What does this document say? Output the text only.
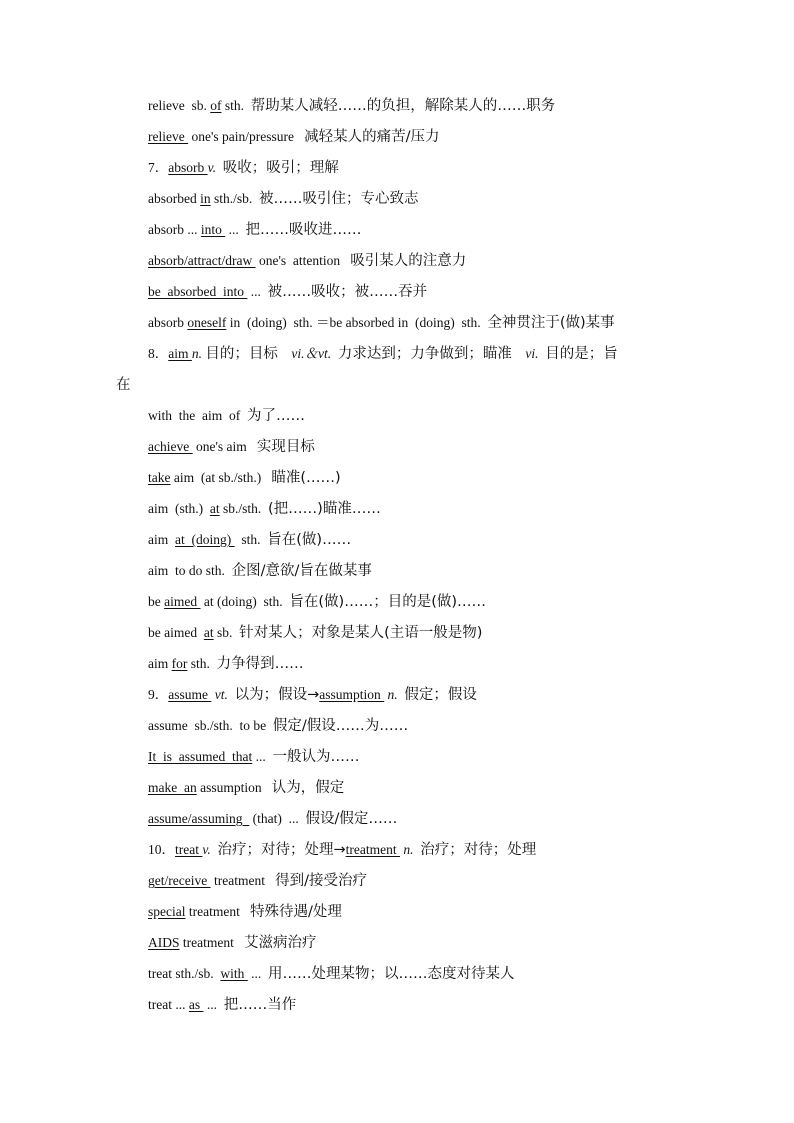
relieve  sb. of sth.  帮助某人减轻……的负担，解除某人的……职务
relieve  one's pain/pressure   减轻某人的痛苦/压力
7．absorb v. 吸收；吸引；理解
absorbed in sth./sb.  被……吸引住；专心致志
absorb ... into  ...  把……吸收进……
absorb/attract/draw  one's  attention   吸引某人的注意力
be  absorbed  into  ...  被……吸收；被……吞并
absorb oneself in  (doing)  sth. ＝be absorbed in  (doing)  sth.  全神贯注于(做)某事
8．aim n. 目的；目标 vi.＆vt. 力求达到；力争做到；瞄准 vi. 目的是；旨
在
with  the  aim  of  为了……
achieve  one's aim   实现目标
take aim  (at sb./sth.)   瞄准(……)
aim  (sth.)  at sb./sth.  (把……)瞄准……
aim  at  (doing)   sth.  旨在(做)……
aim  to do sth.  企图/意欲/旨在做某事
be aimed  at (doing)  sth.  旨在(做)……；目的是(做)……
be aimed  at sb.  针对某人；对象是某人(主语一般是物)
aim for sth.  力争得到……
9．assume  vt. 以为；假设→assumption  n. 假定；假设
assume  sb./sth.  to be  假定/假设……为……
It  is  assumed  that ...  一般认为……
make  an assumption   认为，假定
assume/assuming   (that)  ...  假设/假定……
10．treat v. 治疗；对待；处理→treatment  n. 治疗；对待；处理
get/receive  treatment   得到/接受治疗
special treatment   特殊待遇/处理
AIDS treatment   艾滋病治疗
treat sth./sb.  with  ...  用……处理某物；以……态度对待某人
treat ... as  ...  把……当作
